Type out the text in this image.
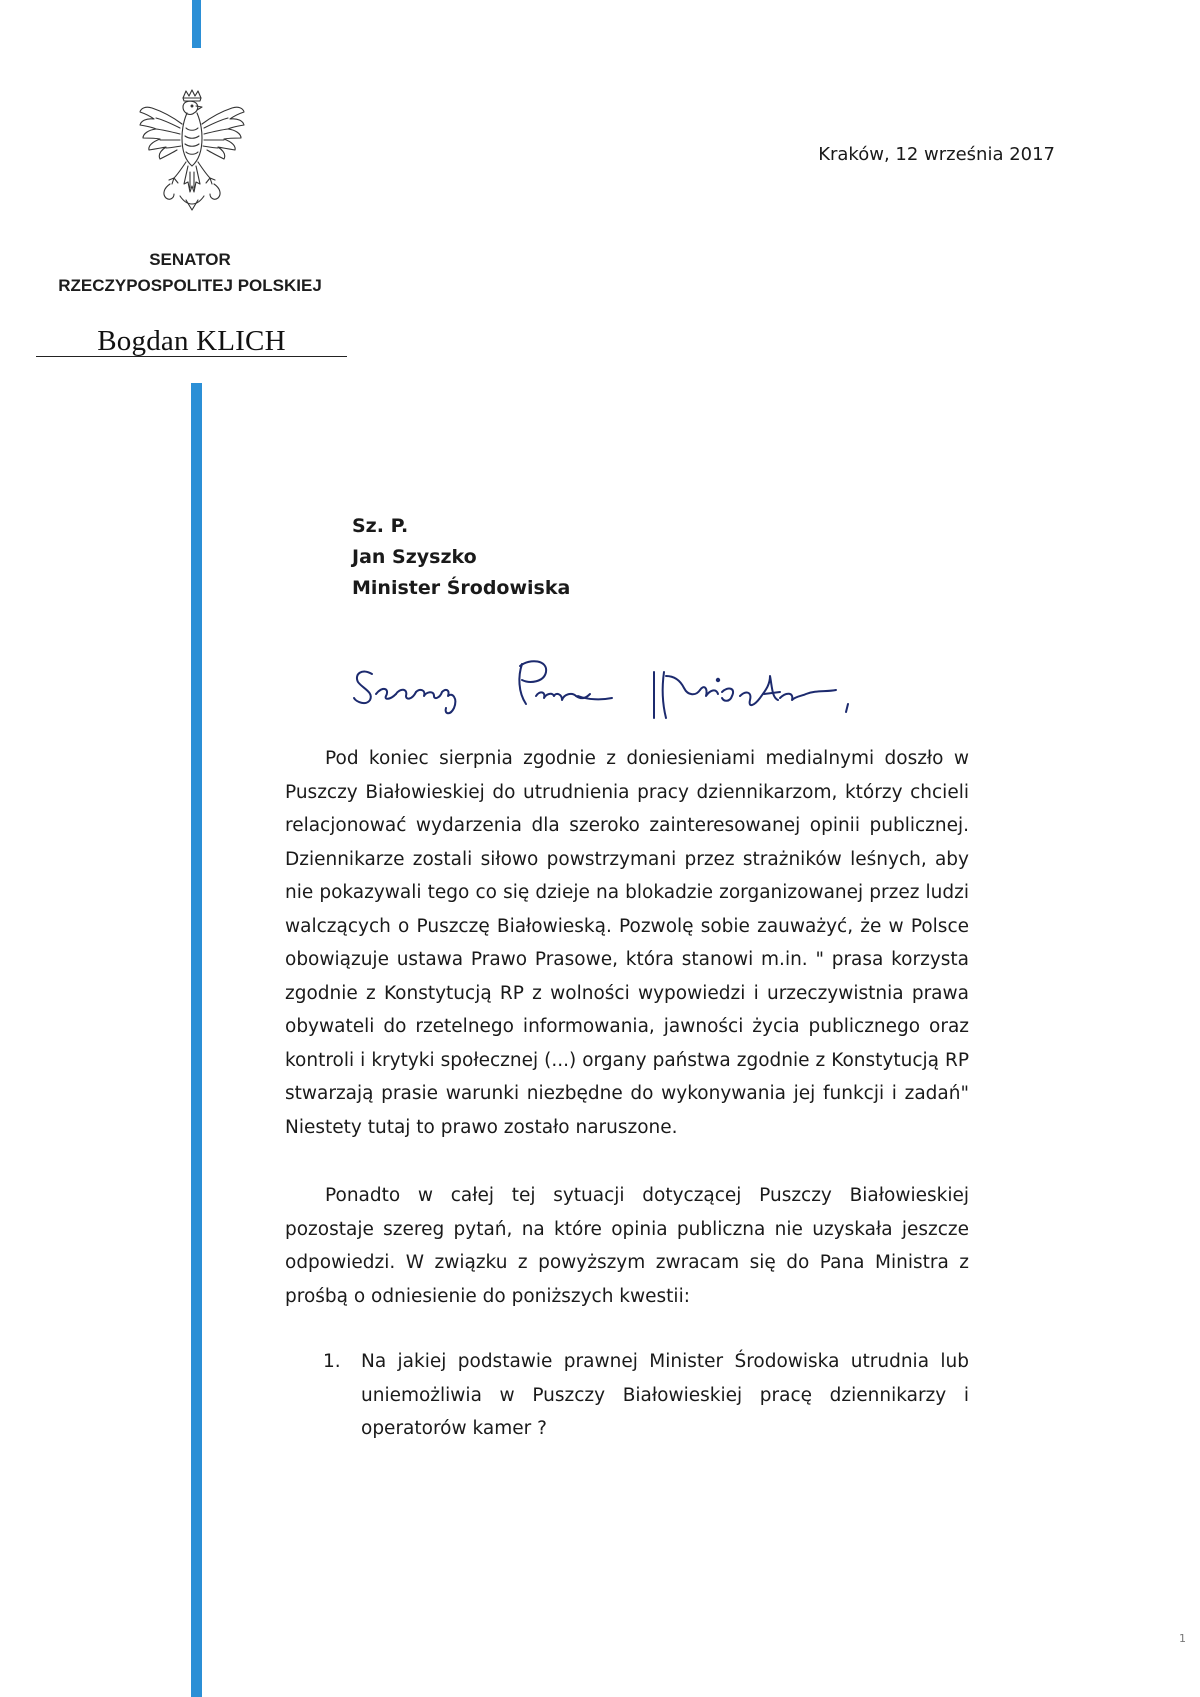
SENATOR
RZECZYPOSPOLITEJ POLSKIEJ
Bogdan KLICH
Kraków, 12 września 2017
Sz. P.
Jan Szyszko
Minister Środowiska
Pod koniec sierpnia zgodnie z doniesieniami medialnymi doszło w Puszczy Białowieskiej do utrudnienia pracy dziennikarzom, którzy chcieli relacjonować wydarzenia dla szeroko zainteresowanej opinii publicznej. Dziennikarze zostali siłowo powstrzymani przez strażników leśnych, aby nie pokazywali tego co się dzieje na blokadzie zorganizowanej przez ludzi walczących o Puszczę Białowieską. Pozwolę sobie zauważyć, że w Polsce obowiązuje ustawa Prawo Prasowe, która stanowi m.in. " prasa korzysta zgodnie z Konstytucją RP z wolności wypowiedzi i urzeczywistnia prawa obywateli do rzetelnego informowania, jawności życia publicznego oraz kontroli i krytyki społecznej (...) organy państwa zgodnie z Konstytucją RP stwarzają prasie warunki niezbędne do wykonywania jej funkcji i zadań" Niestety tutaj to prawo zostało naruszone.
Ponadto w całej tej sytuacji dotyczącej Puszczy Białowieskiej pozostaje szereg pytań, na które opinia publiczna nie uzyskała jeszcze odpowiedzi. W związku z powyższym zwracam się do Pana Ministra z prośbą o odniesienie do poniższych kwestii:
1. Na jakiej podstawie prawnej Minister Środowiska utrudnia lub uniemożliwia w Puszczy Białowieskiej pracę dziennikarzy i operatorów kamer ?
1
